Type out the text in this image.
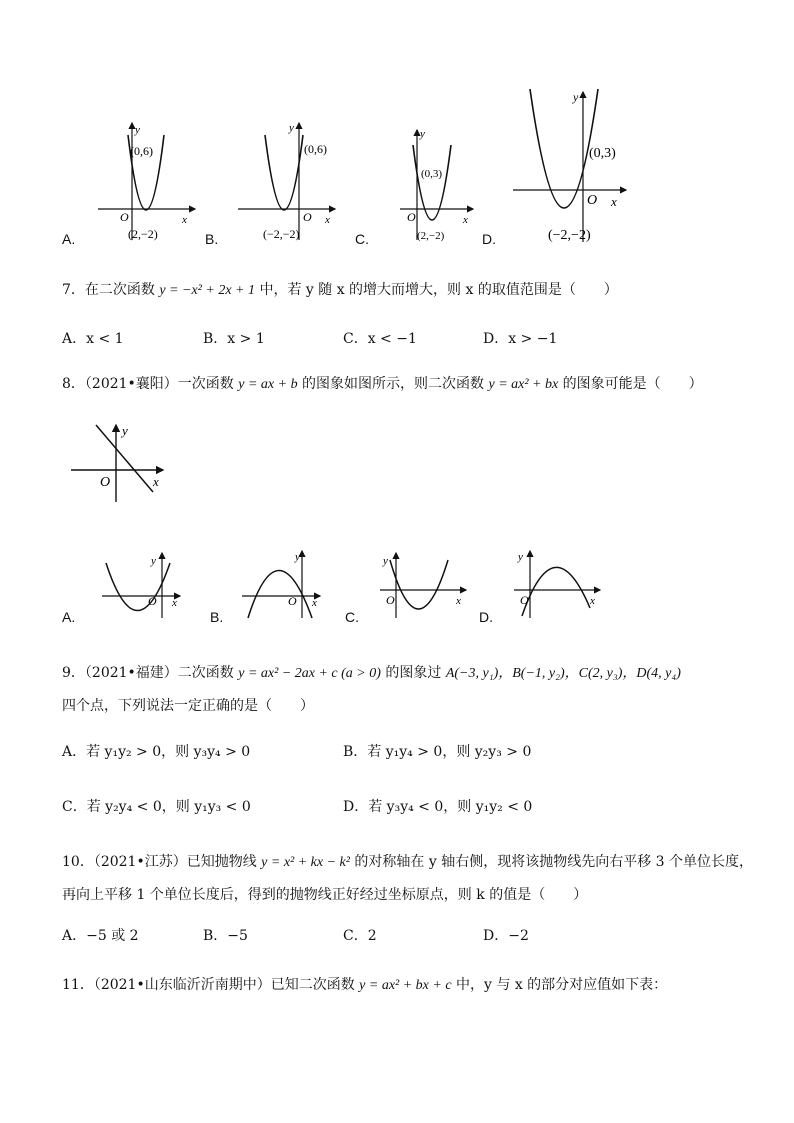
A.
y
(0,6)
O	x
(2,−2)	B.
y
(0,6)
O x
(−2,−2)	C.
y
(0,3)
O	x
(2,−2)	D.
y
(0,3)
O x
(−2,−2)
7．在二次函数 y = −x² + 2x + 1 中，若 y 随 x 的增大而增大，则 x 的取值范围是（　　）
A．x < 1	B．x > 1	C．x < −1	D．x > −1
8．（2021•襄阳）一次函数 y = ax + b 的图象如图所示，则二次函数 y = ax² + bx 的图象可能是（　　）
y
O	x
A.
y
O x
B.
y
O x
C.
y
O	x
D.
y
O	x
9．（2021•福建）二次函数 y = ax² − 2ax + c (a > 0) 的图象过 A(−3, y₁)，B(−1, y₂)，C(2, y₃)，D(4, y₄)
四个点，下列说法一定正确的是（　　）
A．若 y₁y₂ > 0，则 y₃y₄ > 0	B．若 y₁y₄ > 0，则 y₂y₃ > 0
C．若 y₂y₄ < 0，则 y₁y₃ < 0	D．若 y₃y₄ < 0，则 y₁y₂ < 0
10．（2021•江苏）已知抛物线 y = x² + kx − k² 的对称轴在 y 轴右侧，现将该抛物线先向右平移 3 个单位长度，
再向上平移 1 个单位长度后，得到的抛物线正好经过坐标原点，则 k 的值是（　　）
A．−5 或 2	B．−5	C．2	D．−2
11．（2021•山东临沂沂南期中）已知二次函数 y = ax² + bx + c 中，y 与 x 的部分对应值如下表：
